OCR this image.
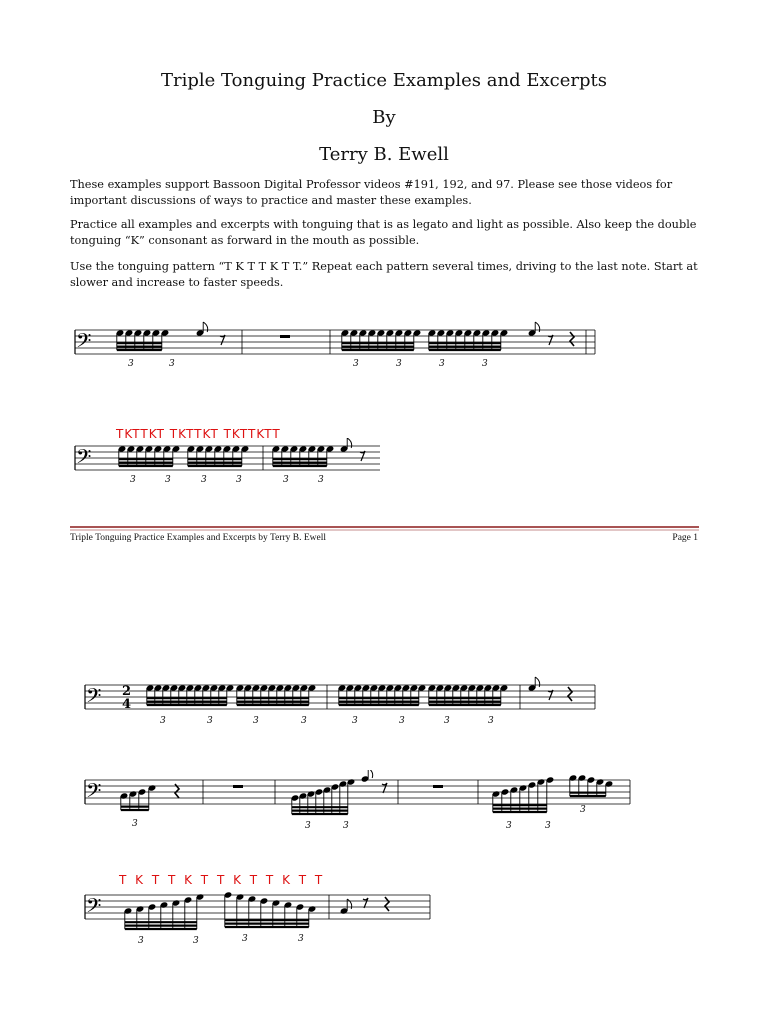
Triple Tonguing Practice Examples and Excerpts
By
Terry B. Ewell
These examples support Bassoon Digital Professor videos #191, 192, and 97. Please see those videos for important discussions of ways to practice and master these examples.
Practice all examples and excerpts with tonguing that is as legato and light as possible. Also keep the double tonguing “K” consonant as forward in the mouth as possible.
Use the tonguing pattern “T K T T K T T.” Repeat each pattern several times, driving to the last note. Start at slower and increase to faster speeds.
𝄢
3	3	3	3	3	3
TKTTKT TKTTKT TKTTKTT
𝄢
3	3	3	3	3	3
Triple Tonguing Practice Examples and Excerpts by Terry B. Ewell	Page 1
𝄢 2
4
3	3	3	3	3	3	3	3
𝄢
3	3	3	3	3
3
T K T T K T T K T T K T T
𝄢
3	3	3	3
